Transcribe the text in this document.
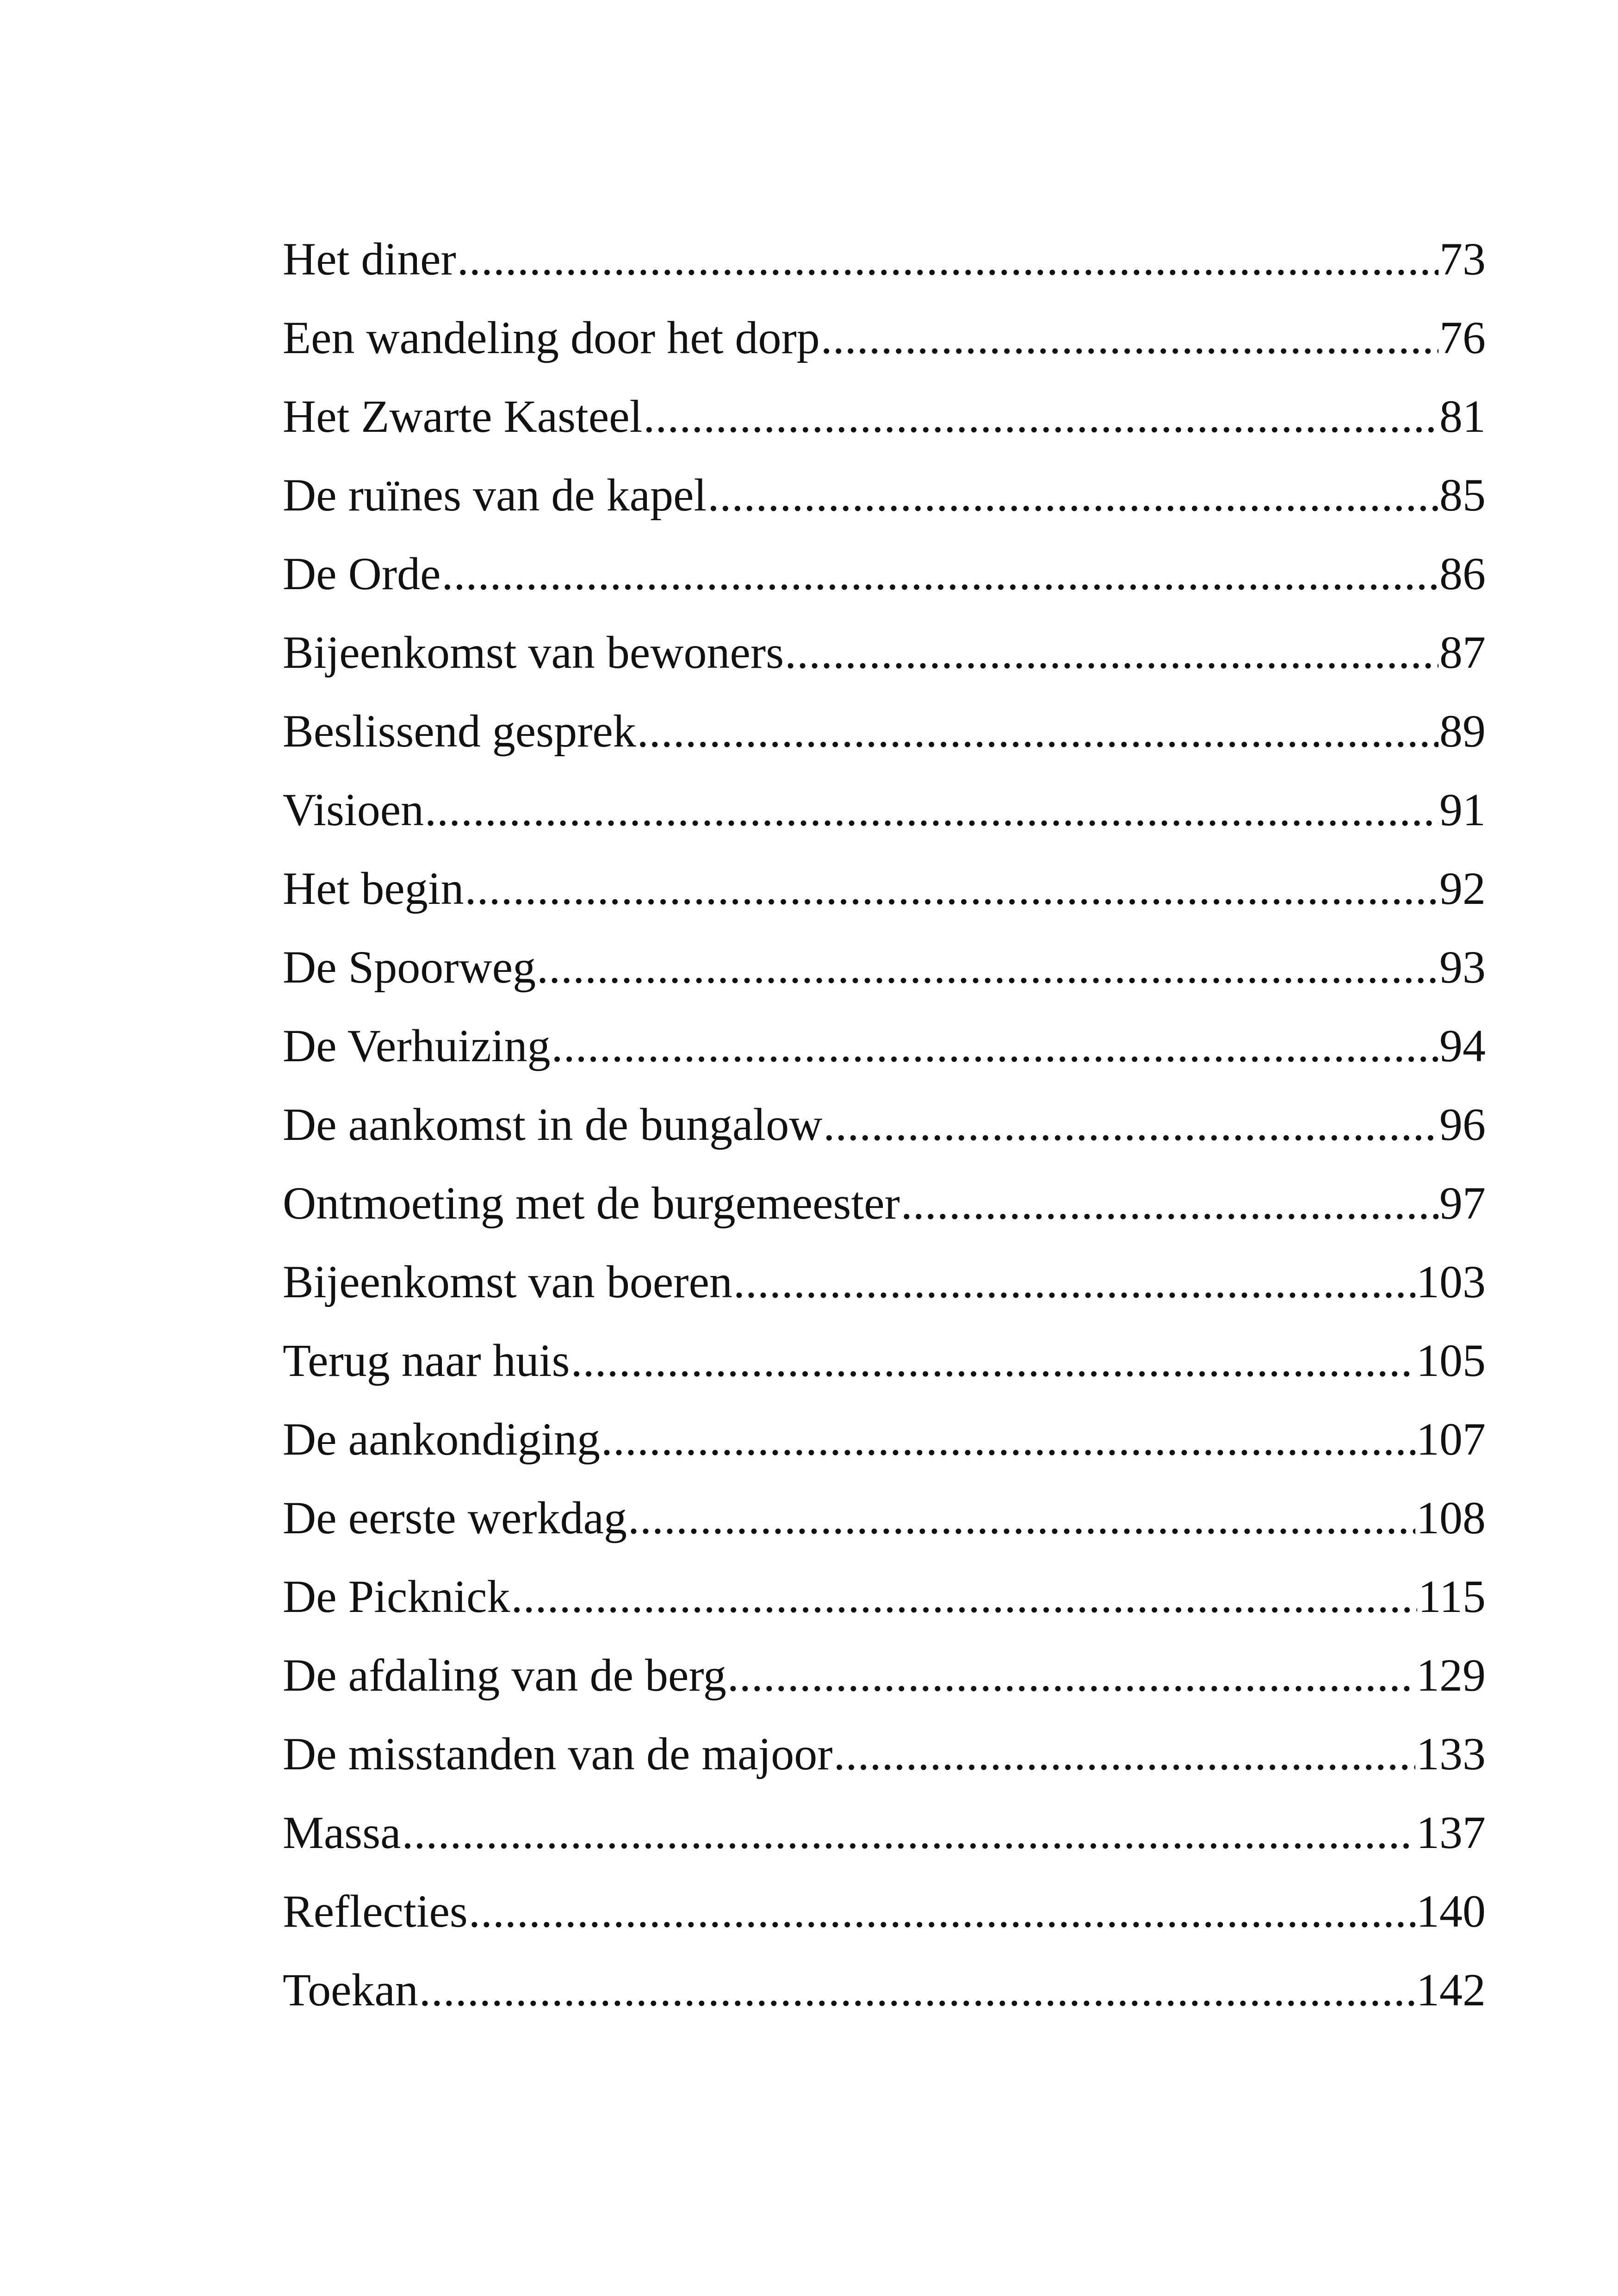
Het diner .....	73
Een wandeling door het dorp .....	76
Het Zwarte Kasteel .....	81
De ruïnes van de kapel .....	85
De Orde .....	86
Bijeenkomst van bewoners .....	87
Beslissend gesprek .....	89
Visioen .....	91
Het begin .....	92
De Spoorweg .....	93
De Verhuizing .....	94
De aankomst in de bungalow .....	96
Ontmoeting met de burgemeester .....	97
Bijeenkomst van boeren .....	103
Terug naar huis .....	105
De aankondiging .....	107
De eerste werkdag .....	108
De Picknick .....	115
De afdaling van de berg .....	129
De misstanden van de majoor .....	133
Massa .....	137
Reflecties .....	140
Toekan .....	142
